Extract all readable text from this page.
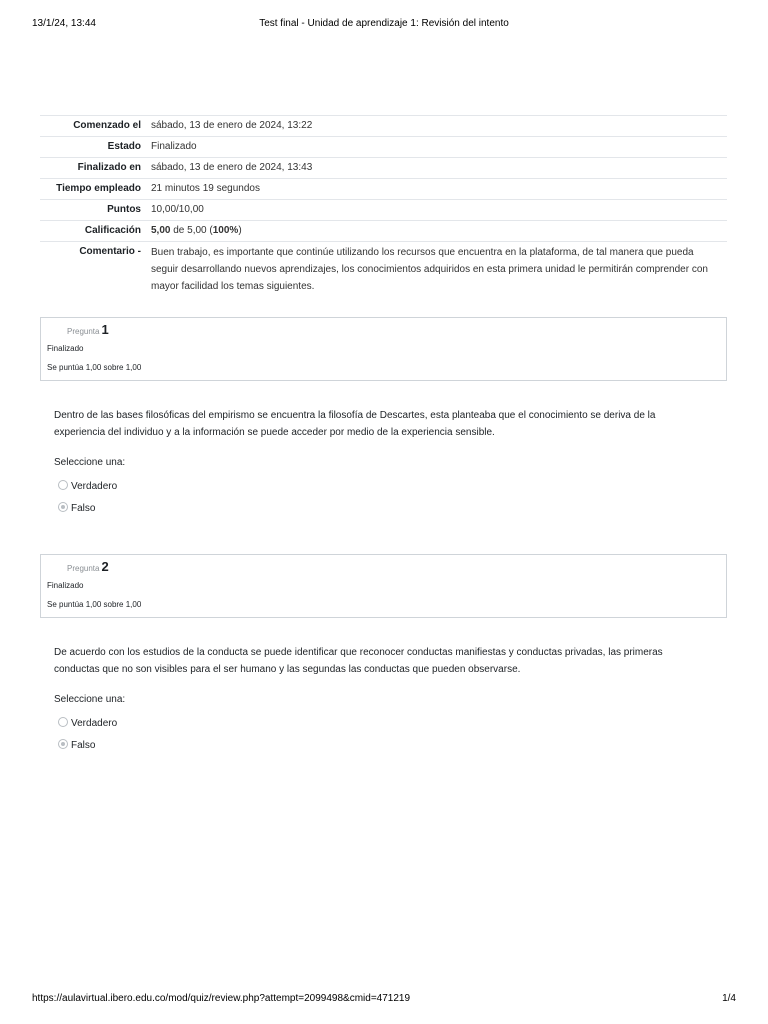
13/1/24, 13:44	Test final - Unidad de aprendizaje 1: Revisión del intento
Comenzado el	sábado, 13 de enero de 2024, 13:22
Estado	Finalizado
Finalizado en	sábado, 13 de enero de 2024, 13:43
Tiempo empleado	21 minutos 19 segundos
Puntos	10,00/10,00
Calificación	5,00 de 5,00 (100%)
Comentario -	Buen trabajo, es importante que continúe utilizando los recursos que encuentra en la plataforma, de tal manera que pueda seguir desarrollando nuevos aprendizajes, los conocimientos adquiridos en esta primera unidad le permitirán comprender con mayor facilidad los temas siguientes.
Pregunta 1
Finalizado
Se puntúa 1,00 sobre 1,00
Dentro de las bases filosóficas del empirismo se encuentra la filosofía de Descartes, esta planteaba que el conocimiento se deriva de la experiencia del individuo y a la información se puede acceder por medio de la experiencia sensible.
Seleccione una:
Verdadero
Falso
Pregunta 2
Finalizado
Se puntúa 1,00 sobre 1,00
De acuerdo con los estudios de la conducta se puede identificar que reconocer conductas manifiestas y conductas privadas, las primeras conductas que no son visibles para el ser humano y las segundas las conductas que pueden observarse.
Seleccione una:
Verdadero
Falso
https://aulavirtual.ibero.edu.co/mod/quiz/review.php?attempt=2099498&cmid=471219	1/4
